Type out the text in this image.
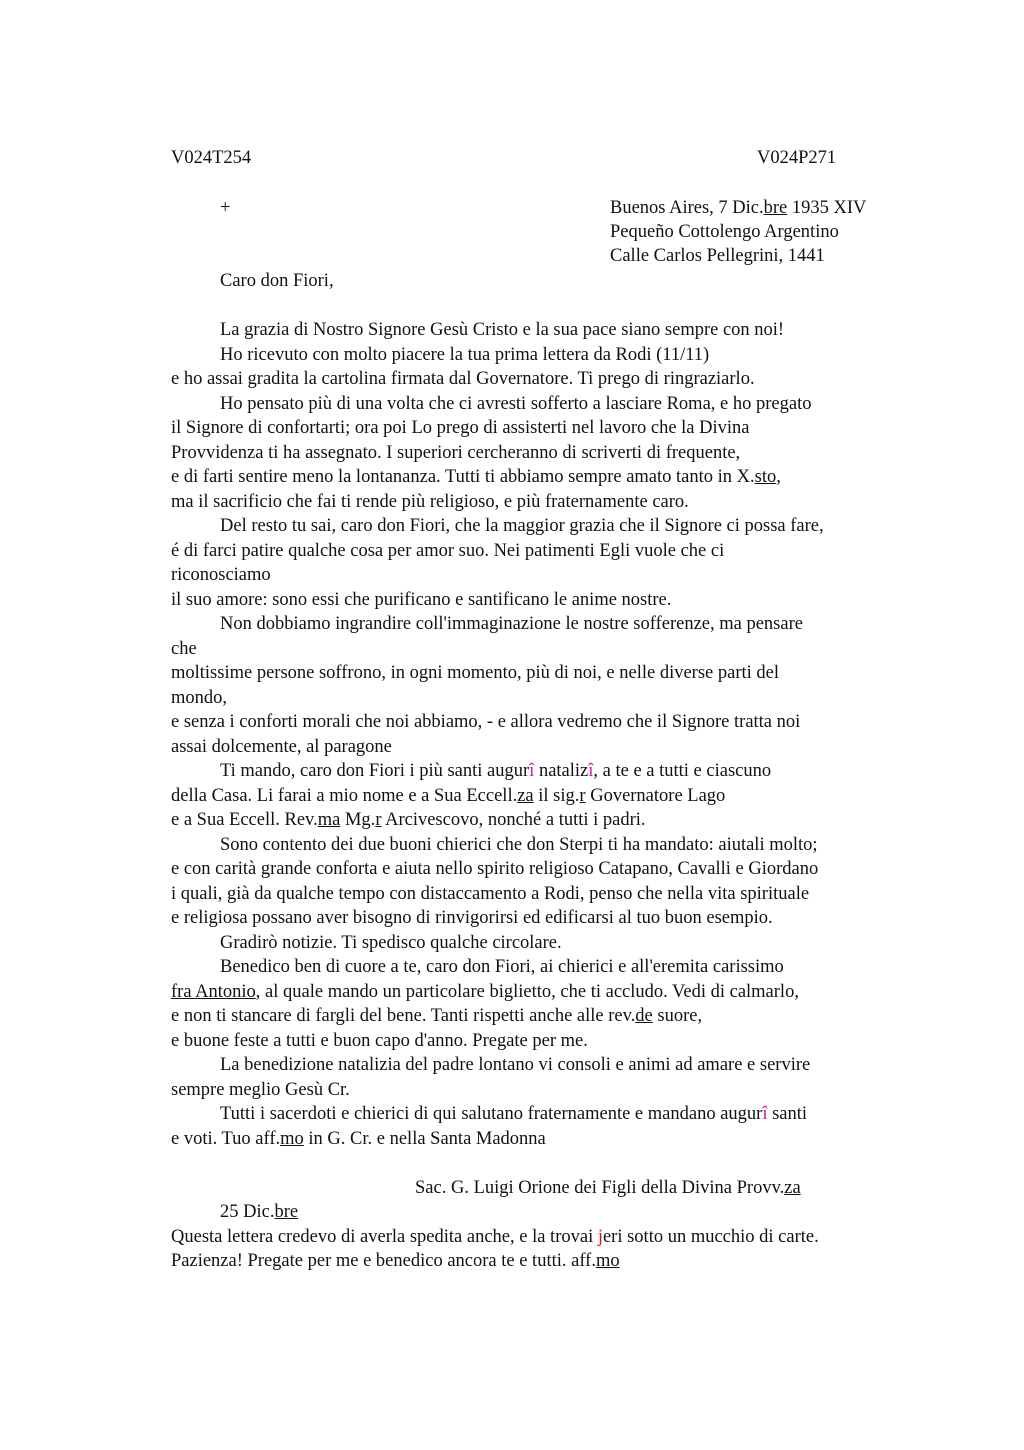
V024T254	V024P271
+	Buenos Aires, 7 Dic.bre 1935 XIV
Pequeño Cottolengo Argentino
Calle Carlos Pellegrini, 1441
Caro don Fiori,
La grazia di Nostro Signore Gesù Cristo e la sua pace siano sempre con noi!
Ho ricevuto con molto piacere la tua prima lettera da Rodi (11/11)
e ho assai gradita la cartolina firmata dal Governatore. Ti prego di ringraziarlo.
Ho pensato più di una volta che ci avresti sofferto a lasciare Roma, e ho pregato
il Signore di confortarti; ora poi Lo prego di assisterti nel lavoro che la Divina
Provvidenza ti ha assegnato. I superiori cercheranno di scriverti di frequente,
e di farti sentire meno la lontananza. Tutti ti abbiamo sempre amato tanto in X.sto,
ma il sacrificio che fai ti rende più religioso, e più fraternamente caro.
Del resto tu sai, caro don Fiori, che la maggior grazia che il Signore ci possa fare,
é di farci patire qualche cosa per amor suo. Nei patimenti Egli vuole che ci
riconosciamo
il suo amore: sono essi che purificano e santificano le anime nostre.
Non dobbiamo ingrandire coll'immaginazione le nostre sofferenze, ma pensare
che
moltissime persone soffrono, in ogni momento, più di noi, e nelle diverse parti del
mondo,
e senza i conforti morali che noi abbiamo, - e allora vedremo che il Signore tratta noi
assai dolcemente, al paragone
Ti mando, caro don Fiori i più santi augurî natalizî, a te e a tutti e ciascuno
della Casa. Li farai a mio nome e a Sua Eccell.za il sig.r Governatore Lago
e a Sua Eccell. Rev.ma Mg.r Arcivescovo, nonché a tutti i padri.
Sono contento dei due buoni chierici che don Sterpi ti ha mandato: aiutali molto;
e con carità grande conforta e aiuta nello spirito religioso Catapano, Cavalli e Giordano
i quali, già da qualche tempo con distaccamento a Rodi, penso che nella vita spirituale
e religiosa possano aver bisogno di rinvigorirsi ed edificarsi al tuo buon esempio.
Gradirò notizie. Ti spedisco qualche circolare.
Benedico ben di cuore a te, caro don Fiori, ai chierici e all'eremita carissimo
fra Antonio, al quale mando un particolare biglietto, che ti accludo. Vedi di calmarlo,
e non ti stancare di fargli del bene. Tanti rispetti anche alle rev.de suore,
e buone feste a tutti e buon capo d'anno. Pregate per me.
La benedizione natalizia del padre lontano vi consoli e animi ad amare e servire
sempre meglio Gesù Cr.
Tutti i sacerdoti e chierici di qui salutano fraternamente e mandano augurî santi
e voti. Tuo aff.mo in G. Cr. e nella Santa Madonna
Sac. G. Luigi Orione dei Figli della Divina Provv.za
25 Dic.bre
Questa lettera credevo di averla spedita anche, e la trovai jeri sotto un mucchio di carte.
Pazienza! Pregate per me e benedico ancora te e tutti. aff.mo
